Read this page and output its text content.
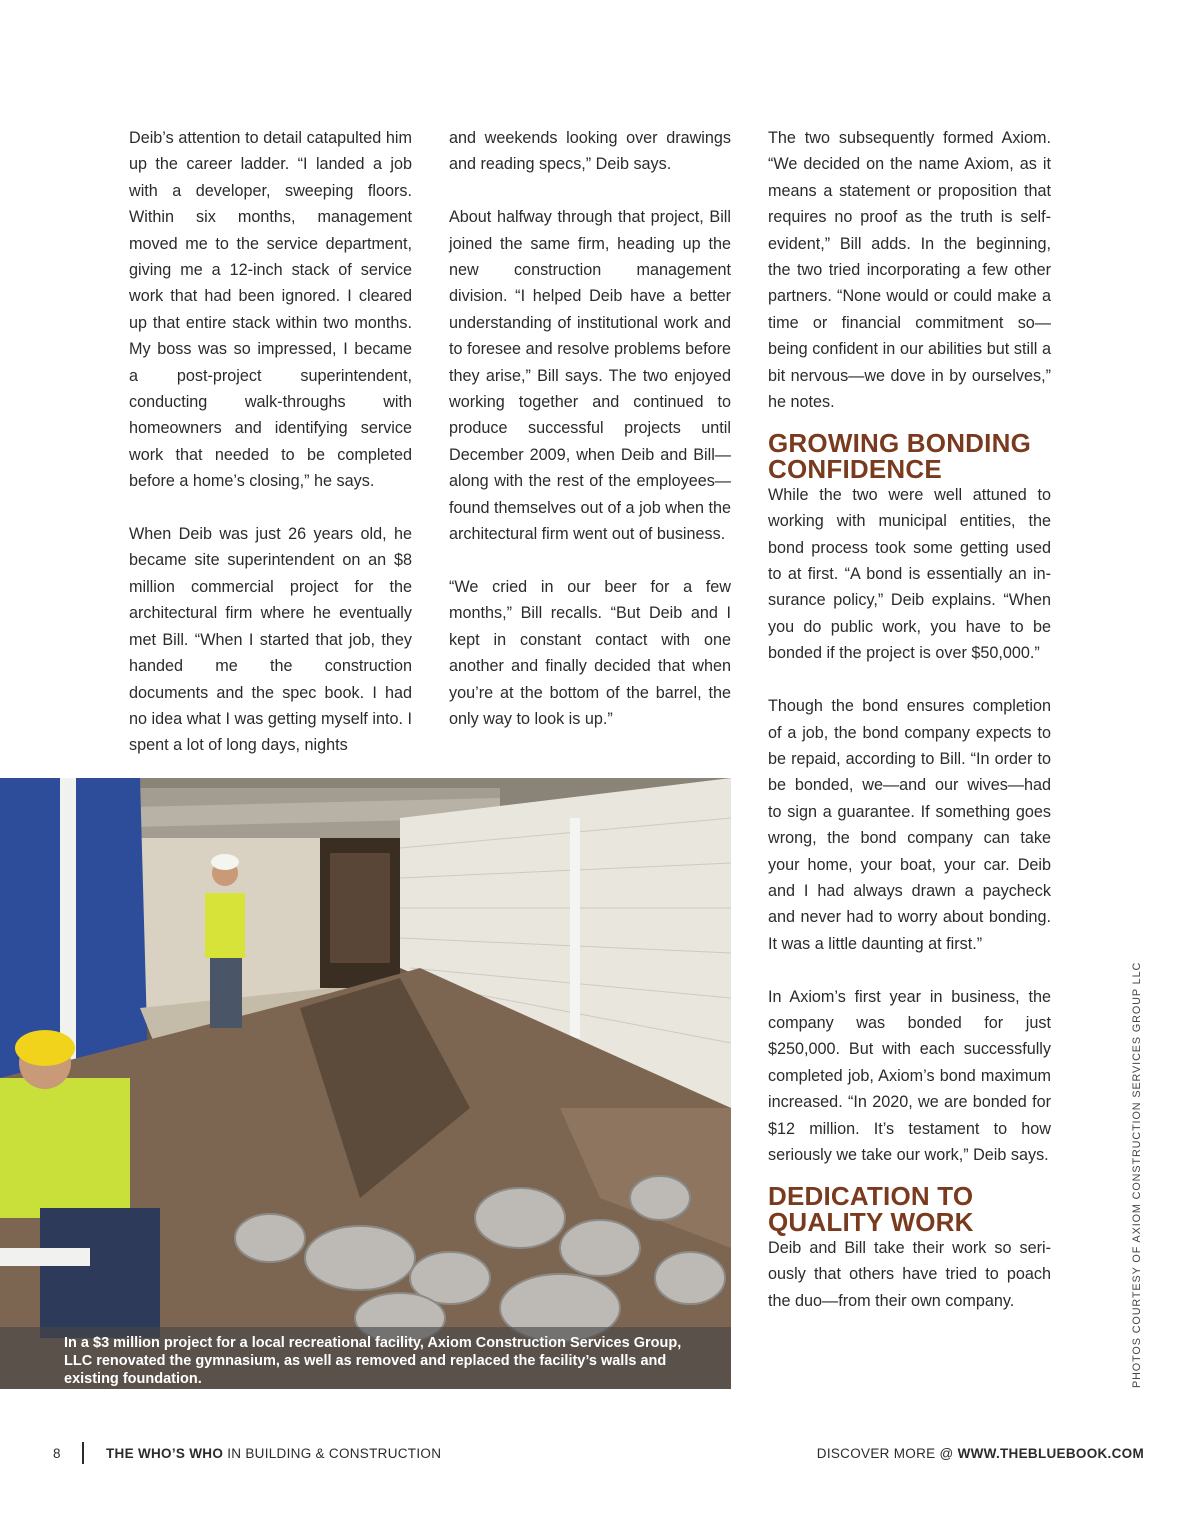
Deib’s attention to detail catapulted him up the career ladder. “I landed a job with a developer, sweeping floors. Within six months, management moved me to the service department, giving me a 12-inch stack of service work that had been ignored. I cleared up that entire stack within two months. My boss was so impressed, I became a post-project superintendent, conducting walk-throughs with homeowners and identifying service work that needed to be completed before a home’s closing,” he says.

When Deib was just 26 years old, he became site superintendent on an $8 million commercial project for the architectural firm where he eventually met Bill. “When I started that job, they handed me the construction documents and the spec book. I had no idea what I was getting myself into. I spent a lot of long days, nights

and weekends looking over drawings and reading specs,” Deib says.

About halfway through that project, Bill joined the same firm, heading up the new construction management division. “I helped Deib have a better understanding of institutional work and to foresee and resolve problems before they arise,” Bill says. The two enjoyed working together and continued to produce successful projects until December 2009, when Deib and Bill—along with the rest of the employees—found themselves out of a job when the architectural firm went out of business.

“We cried in our beer for a few months,” Bill recalls. “But Deib and I kept in constant contact with one another and finally decided that when you’re at the bottom of the barrel, the only way to look is up.”

The two subsequently formed Axiom. “We decided on the name Axiom, as it means a statement or proposition that requires no proof as the truth is self-evident,” Bill adds. In the beginning, the two tried incorporating a few other partners. “None would or could make a time or financial commitment so—being confident in our abilities but still a bit nervous—we dove in by ourselves,” he notes.

GROWING BONDING CONFIDENCE

While the two were well attuned to working with municipal entities, the bond process took some getting used to at first. “A bond is essentially an insurance policy,” Deib explains. “When you do public work, you have to be bonded if the project is over $50,000.”

Though the bond ensures completion of a job, the bond company expects to be repaid, according to Bill. “In order to be bonded, we—and our wives—had to sign a guarantee. If something goes wrong, the bond company can take your home, your boat, your car. Deib and I had always drawn a paycheck and never had to worry about bonding. It was a little daunting at first.”

In Axiom’s first year in business, the company was bonded for just $250,000. But with each successfully completed job, Axiom’s bond maximum increased. “In 2020, we are bonded for $12 million. It’s testament to how seriously we take our work,” Deib says.

DEDICATION TO QUALITY WORK

Deib and Bill take their work so seriously that others have tried to poach the duo—from their own company.

In a $3 million project for a local recreational facility, Axiom Construction Services Group, LLC renovated the gymnasium, as well as removed and replaced the facility’s walls and existing foundation.	PHOTOS COURTESY OF AXIOM CONSTRUCTION SERVICES GROUP LLC
8	THE WHO’S WHO IN BUILDING & CONSTRUCTION	DISCOVER MORE @ WWW.THEBLUEBOOK.COM
